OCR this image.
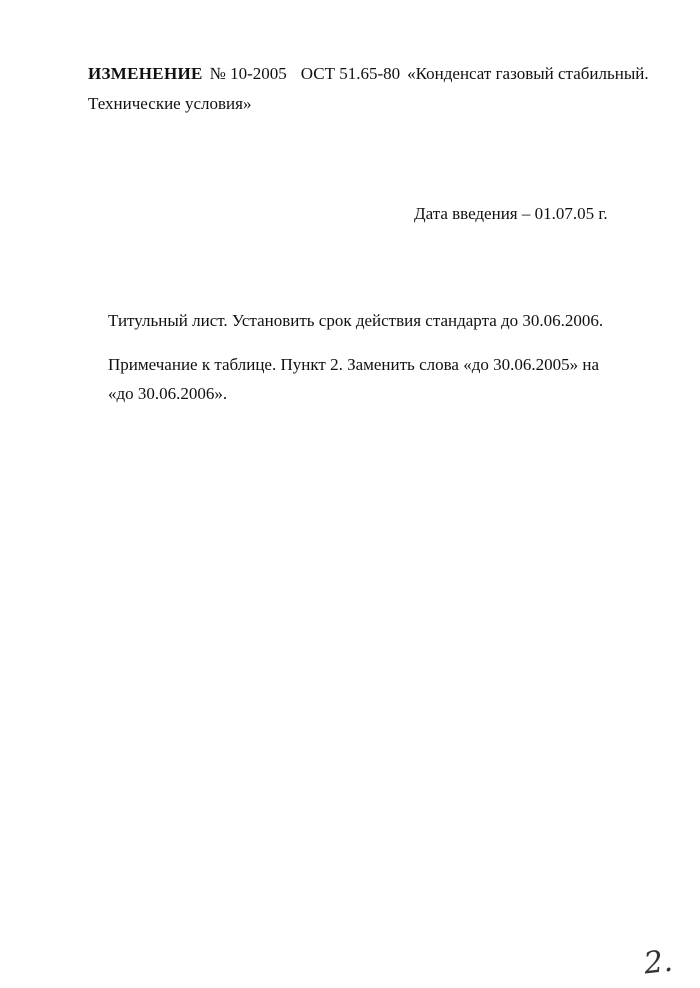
ИЗМЕНЕНИЕ № 10-2005 ОСТ 51.65-80 «Конденсат газовый стабильный.
Технические условия»
Дата введения – 01.07.05 г.
Титульный лист. Установить срок действия стандарта до 30.06.2006.
Примечание к таблице. Пункт 2. Заменить слова «до 30.06.2005» на
«до 30.06.2006».
2.
